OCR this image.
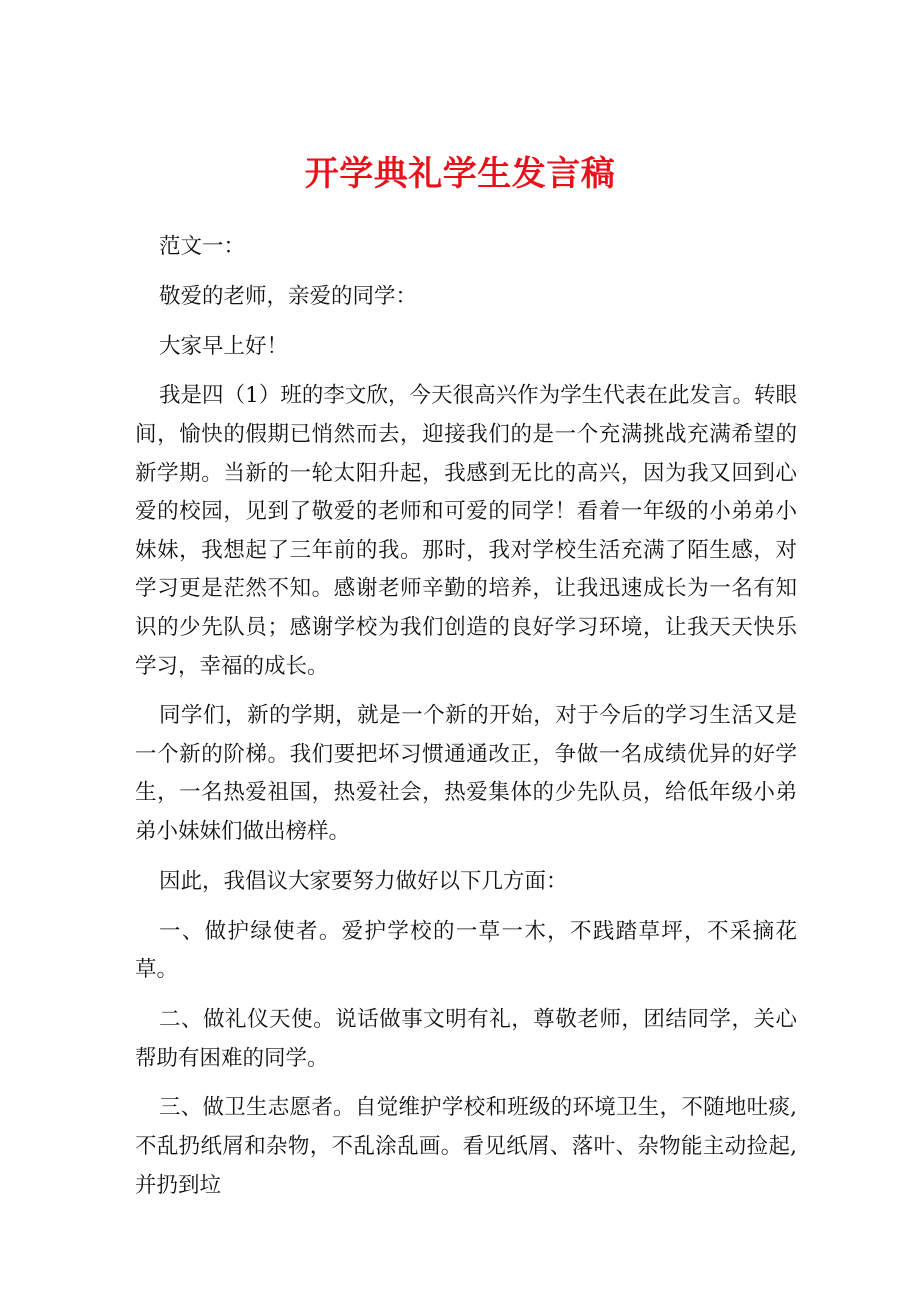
开学典礼学生发言稿

范文一：

敬爱的老师，亲爱的同学：

大家早上好！

我是四（1）班的李文欣，今天很高兴作为学生代表在此发言。转眼间，愉快的假期已悄然而去，迎接我们的是一个充满挑战充满希望的新学期。当新的一轮太阳升起，我感到无比的高兴，因为我又回到心爱的校园，见到了敬爱的老师和可爱的同学！看着一年级的小弟弟小妹妹，我想起了三年前的我。那时，我对学校生活充满了陌生感，对学习更是茫然不知。感谢老师辛勤的培养，让我迅速成长为一名有知识的少先队员；感谢学校为我们创造的良好学习环境，让我天天快乐学习，幸福的成长。

同学们，新的学期，就是一个新的开始，对于今后的学习生活又是一个新的阶梯。我们要把坏习惯通通改正，争做一名成绩优异的好学生，一名热爱祖国，热爱社会，热爱集体的少先队员，给低年级小弟弟小妹妹们做出榜样。

因此，我倡议大家要努力做好以下几方面：

一、做护绿使者。爱护学校的一草一木，不践踏草坪，不采摘花草。

二、做礼仪天使。说话做事文明有礼，尊敬老师，团结同学，关心帮助有困难的同学。

三、做卫生志愿者。自觉维护学校和班级的环境卫生，不随地吐痰,不乱扔纸屑和杂物，不乱涂乱画。看见纸屑、落叶、杂物能主动捡起,并扔到垃
